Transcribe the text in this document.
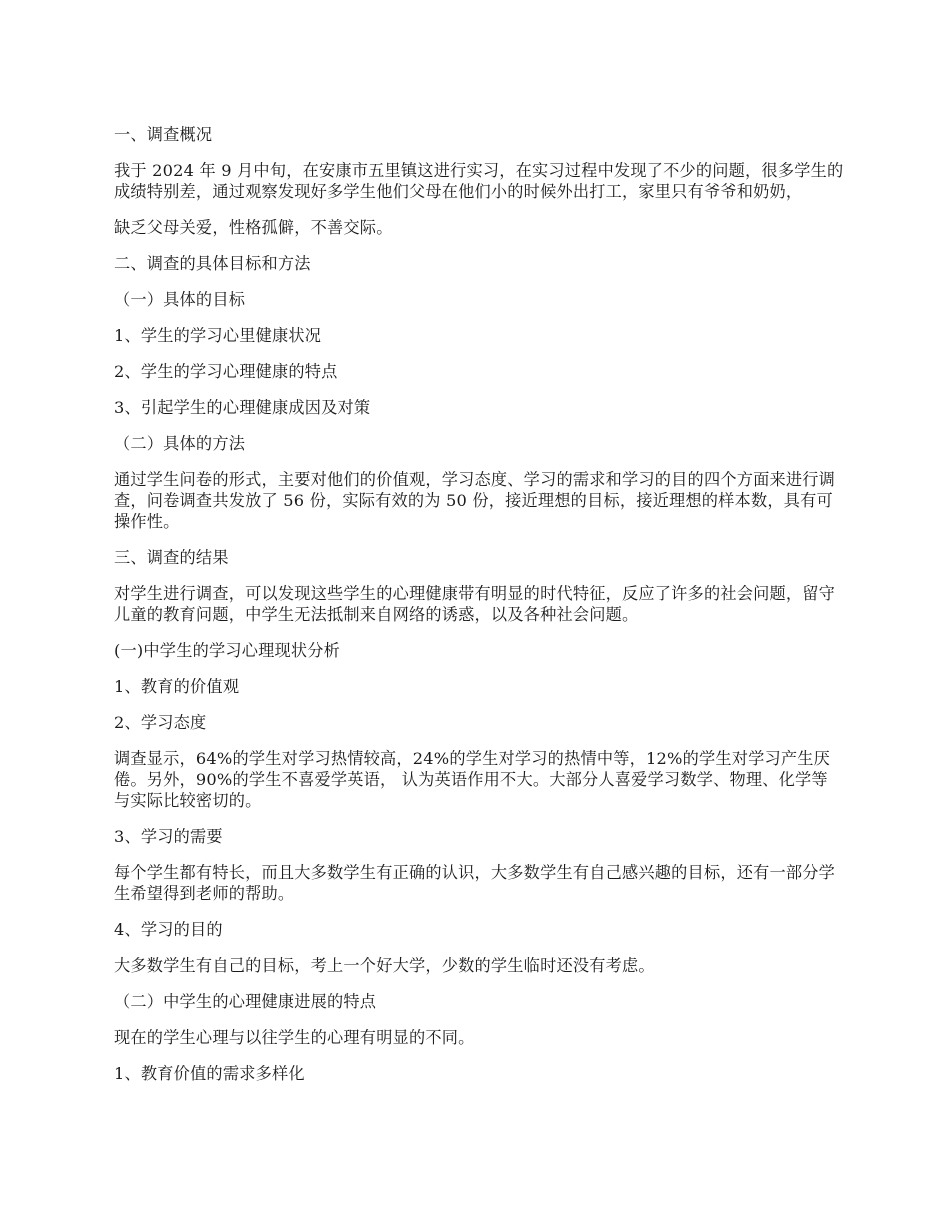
一、调查概况

我于 2024 年 9 月中旬，在安康市五里镇这进行实习，在实习过程中发现了不少的问题，很多学生的成绩特别差，通过观察发现好多学生他们父母在他们小的时候外出打工，家里只有爷爷和奶奶，

缺乏父母关爱，性格孤僻，不善交际。

二、调查的具体目标和方法

（一）具体的目标

1、学生的学习心里健康状况

2、学生的学习心理健康的特点

3、引起学生的心理健康成因及对策

（二）具体的方法

通过学生问卷的形式，主要对他们的价值观，学习态度、学习的需求和学习的目的四个方面来进行调查，问卷调查共发放了 56 份，实际有效的为 50 份，接近理想的目标，接近理想的样本数，具有可操作性。

三、调查的结果

对学生进行调查，可以发现这些学生的心理健康带有明显的时代特征，反应了许多的社会问题，留守儿童的教育问题，中学生无法抵制来自网络的诱惑，以及各种社会问题。

(一)中学生的学习心理现状分析

1、教育的价值观

2、学习态度

调查显示，64%的学生对学习热情较高，24%的学生对学习的热情中等，12%的学生对学习产生厌倦。另外，90%的学生不喜爱学英语， 认为英语作用不大。大部分人喜爱学习数学、物理、化学等与实际比较密切的。

3、学习的需要

每个学生都有特长，而且大多数学生有正确的认识，大多数学生有自己感兴趣的目标，还有一部分学生希望得到老师的帮助。

4、学习的目的

大多数学生有自己的目标，考上一个好大学，少数的学生临时还没有考虑。

（二）中学生的心理健康进展的特点

现在的学生心理与以往学生的心理有明显的不同。

1、教育价值的需求多样化
